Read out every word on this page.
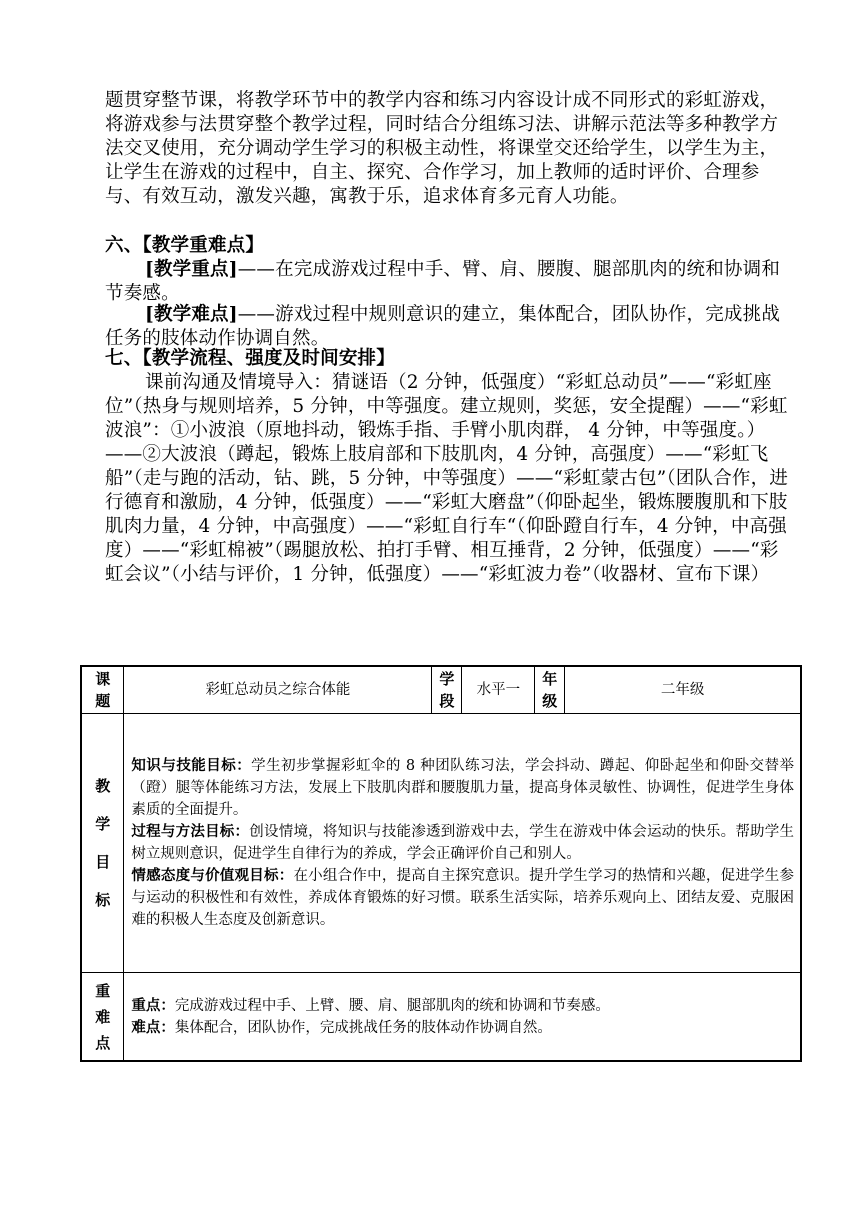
题贯穿整节课，将教学环节中的教学内容和练习内容设计成不同形式的彩虹游戏，将游戏参与法贯穿整个教学过程，同时结合分组练习法、讲解示范法等多种教学方法交叉使用，充分调动学生学习的积极主动性，将课堂交还给学生，以学生为主，让学生在游戏的过程中，自主、探究、合作学习，加上教师的适时评价、合理参与、有效互动，激发兴趣，寓教于乐，追求体育多元育人功能。

六、【教学重难点】

[教学重点]——在完成游戏过程中手、臂、肩、腰腹、腿部肌肉的统和协调和节奏感。

[教学难点]——游戏过程中规则意识的建立，集体配合，团队协作，完成挑战任务的肢体动作协调自然。

七、【教学流程、强度及时间安排】

课前沟通及情境导入：猜谜语（2 分钟，低强度）“彩虹总动员”——“彩虹座位”（热身与规则培养，5 分钟，中等强度。建立规则，奖惩，安全提醒）——“彩虹波浪”：①小波浪（原地抖动，锻炼手指、手臂小肌肉群， 4 分钟，中等强度。）——②大波浪（蹲起，锻炼上肢肩部和下肢肌肉，4 分钟，高强度）——“彩虹飞船”（走与跑的活动，钻、跳，5 分钟，中等强度）——“彩虹蒙古包”（团队合作，进行德育和激励，4 分钟，低强度）——“彩虹大磨盘”（仰卧起坐，锻炼腰腹肌和下肢肌肉力量，4 分钟，中高强度）——“彩虹自行车“（仰卧蹬自行车，4 分钟，中高强度）——“彩虹棉被”（踢腿放松、拍打手臂、相互捶背，2 分钟，低强度）——“彩虹会议”（小结与评价，1 分钟，低强度）——“彩虹波力卷”（收器材、宣布下课）

课题	彩虹总动员之综合体能	学段	水平一	年级	二年级
教学目标	知识与技能目标：学生初步掌握彩虹伞的 8 种团队练习法，学会抖动、蹲起、仰卧起坐和仰卧交替举（蹬）腿等体能练习方法，发展上下肢肌肉群和腰腹肌力量，提高身体灵敏性、协调性，促进学生身体素质的全面提升。
过程与方法目标：创设情境，将知识与技能渗透到游戏中去，学生在游戏中体会运动的快乐。帮助学生树立规则意识，促进学生自律行为的养成，学会正确评价自己和别人。
情感态度与价值观目标：在小组合作中，提高自主探究意识。提升学生学习的热情和兴趣，促进学生参与运动的积极性和有效性，养成体育锻炼的好习惯。联系生活实际，培养乐观向上、团结友爱、克服困难的积极人生态度及创新意识。				

重难点	重点：完成游戏过程中手、上臂、腰、肩、腿部肌肉的统和协调和节奏感。
难点：集体配合，团队协作，完成挑战任务的肢体动作协调自然。				
